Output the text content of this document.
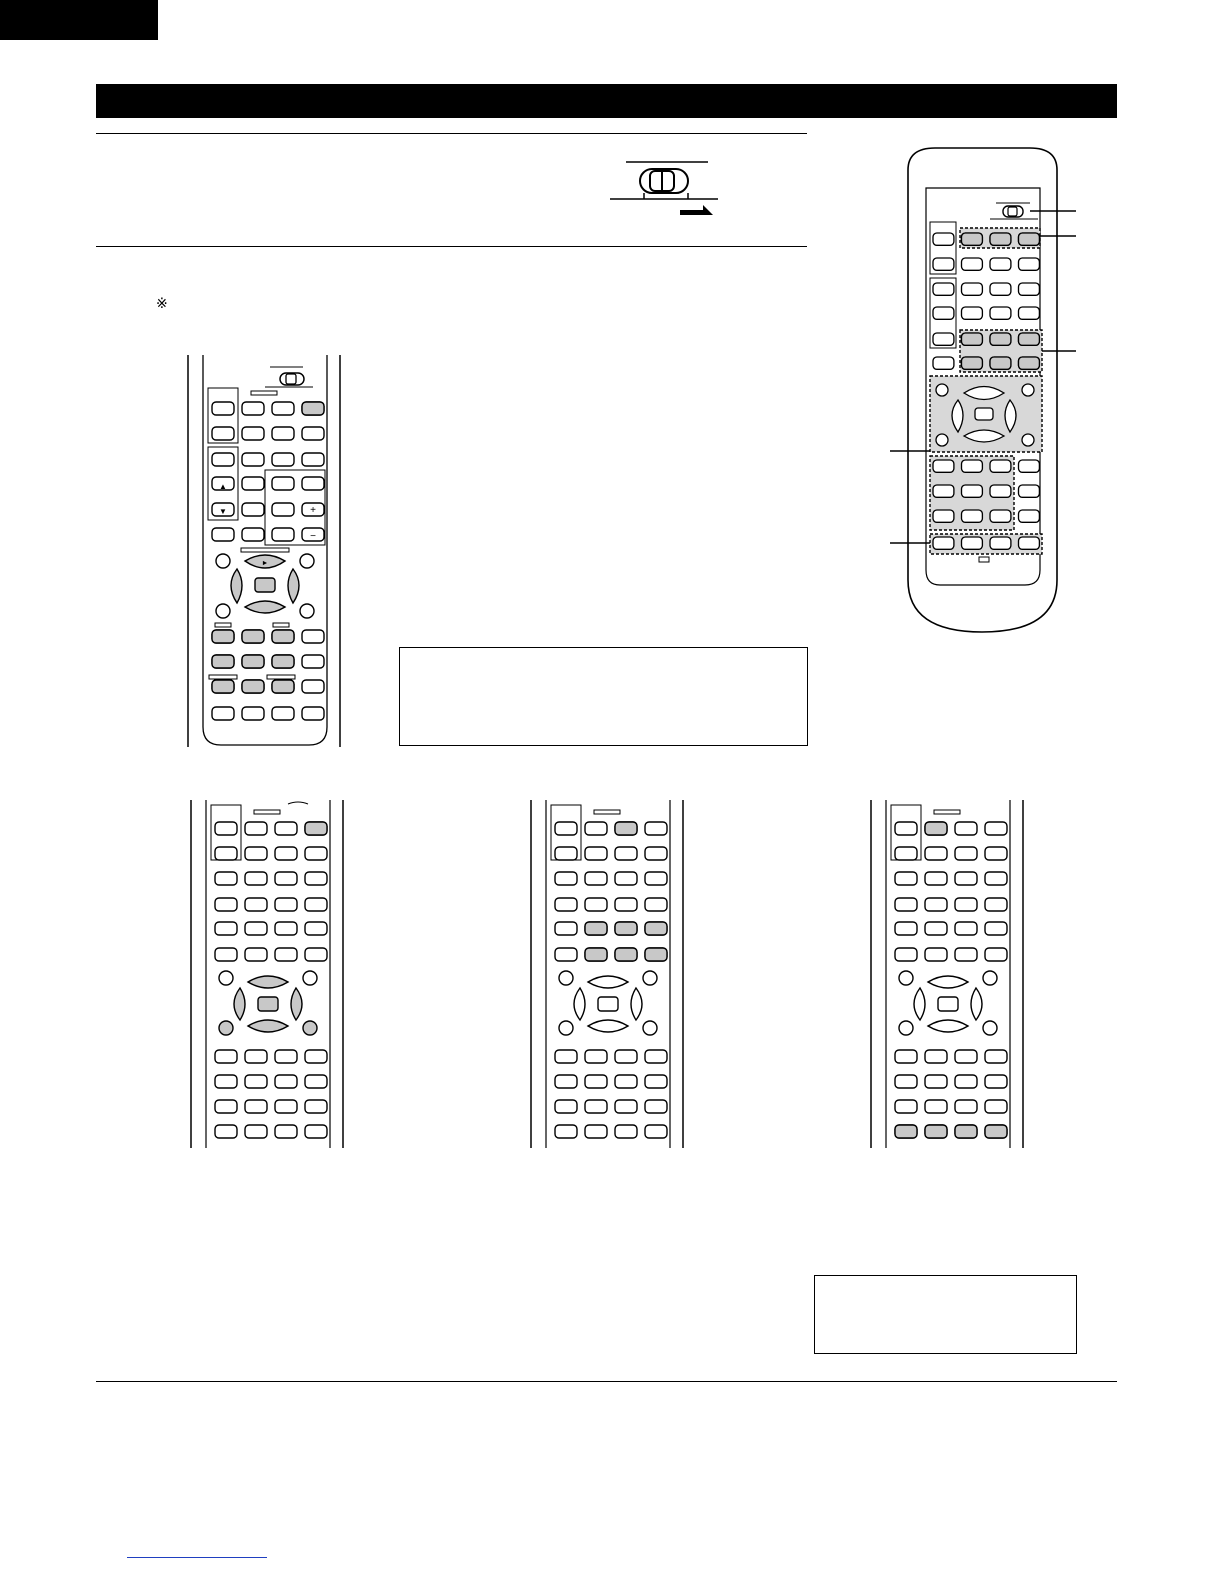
※
▲
▼	+
−
►
